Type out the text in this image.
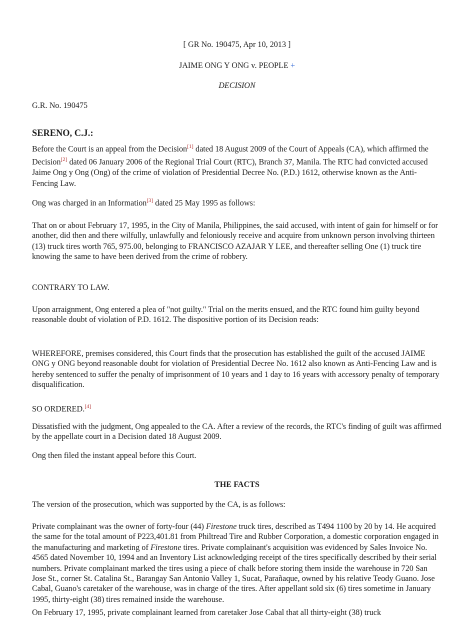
[ GR No. 190475, Apr 10, 2013 ]

JAIME ONG Y ONG v. PEOPLE +

DECISION

G.R. No. 190475

SERENO, C.J.:

Before the Court is an appeal from the Decision[1] dated 18 August 2009 of the Court of Appeals (CA), which affirmed the Decision[2] dated 06 January 2006 of the Regional Trial Court (RTC), Branch 37, Manila. The RTC had convicted accused Jaime Ong y Ong (Ong) of the crime of violation of Presidential Decree No. (P.D.) 1612, otherwise known as the Anti-Fencing Law.

Ong was charged in an Information[3] dated 25 May 1995 as follows:

That on or about February 17, 1995, in the City of Manila, Philippines, the said accused, with intent of gain for himself or for another, did then and there wilfully, unlawfully and feloniously receive and acquire from unknown person involving thirteen (13) truck tires worth 765, 975.00, belonging to FRANCISCO AZAJAR Y LEE, and thereafter selling One (1) truck tire knowing the same to have been derived from the crime of robbery.

CONTRARY TO LAW.

Upon arraignment, Ong entered a plea of "not guilty." Trial on the merits ensued, and the RTC found him guilty beyond reasonable doubt of violation of P.D. 1612. The dispositive portion of its Decision reads:

WHEREFORE, premises considered, this Court finds that the prosecution has established the guilt of the accused JAIME ONG y ONG beyond reasonable doubt for violation of Presidential Decree No. 1612 also known as Anti-Fencing Law and is hereby sentenced to suffer the penalty of imprisonment of 10 years and 1 day to 16 years with accessory penalty of temporary disqualification.

SO ORDERED.[4]

Dissatisfied with the judgment, Ong appealed to the CA. After a review of the records, the RTC's finding of guilt was affirmed by the appellate court in a Decision dated 18 August 2009.

Ong then filed the instant appeal before this Court.

THE FACTS

The version of the prosecution, which was supported by the CA, is as follows:

Private complainant was the owner of forty-four (44) Firestone truck tires, described as T494 1100 by 20 by 14. He acquired the same for the total amount of P223,401.81 from Philtread Tire and Rubber Corporation, a domestic corporation engaged in the manufacturing and marketing of Firestone tires. Private complainant's acquisition was evidenced by Sales Invoice No. 4565 dated November 10, 1994 and an Inventory List acknowledging receipt of the tires specifically described by their serial numbers. Private complainant marked the tires using a piece of chalk before storing them inside the warehouse in 720 San Jose St., corner St. Catalina St., Barangay San Antonio Valley 1, Sucat, Parañaque, owned by his relative Teody Guano. Jose Cabal, Guano's caretaker of the warehouse, was in charge of the tires. After appellant sold six (6) tires sometime in January 1995, thirty-eight (38) tires remained inside the warehouse.

On February 17, 1995, private complainant learned from caretaker Jose Cabal that all thirty-eight (38) truck
